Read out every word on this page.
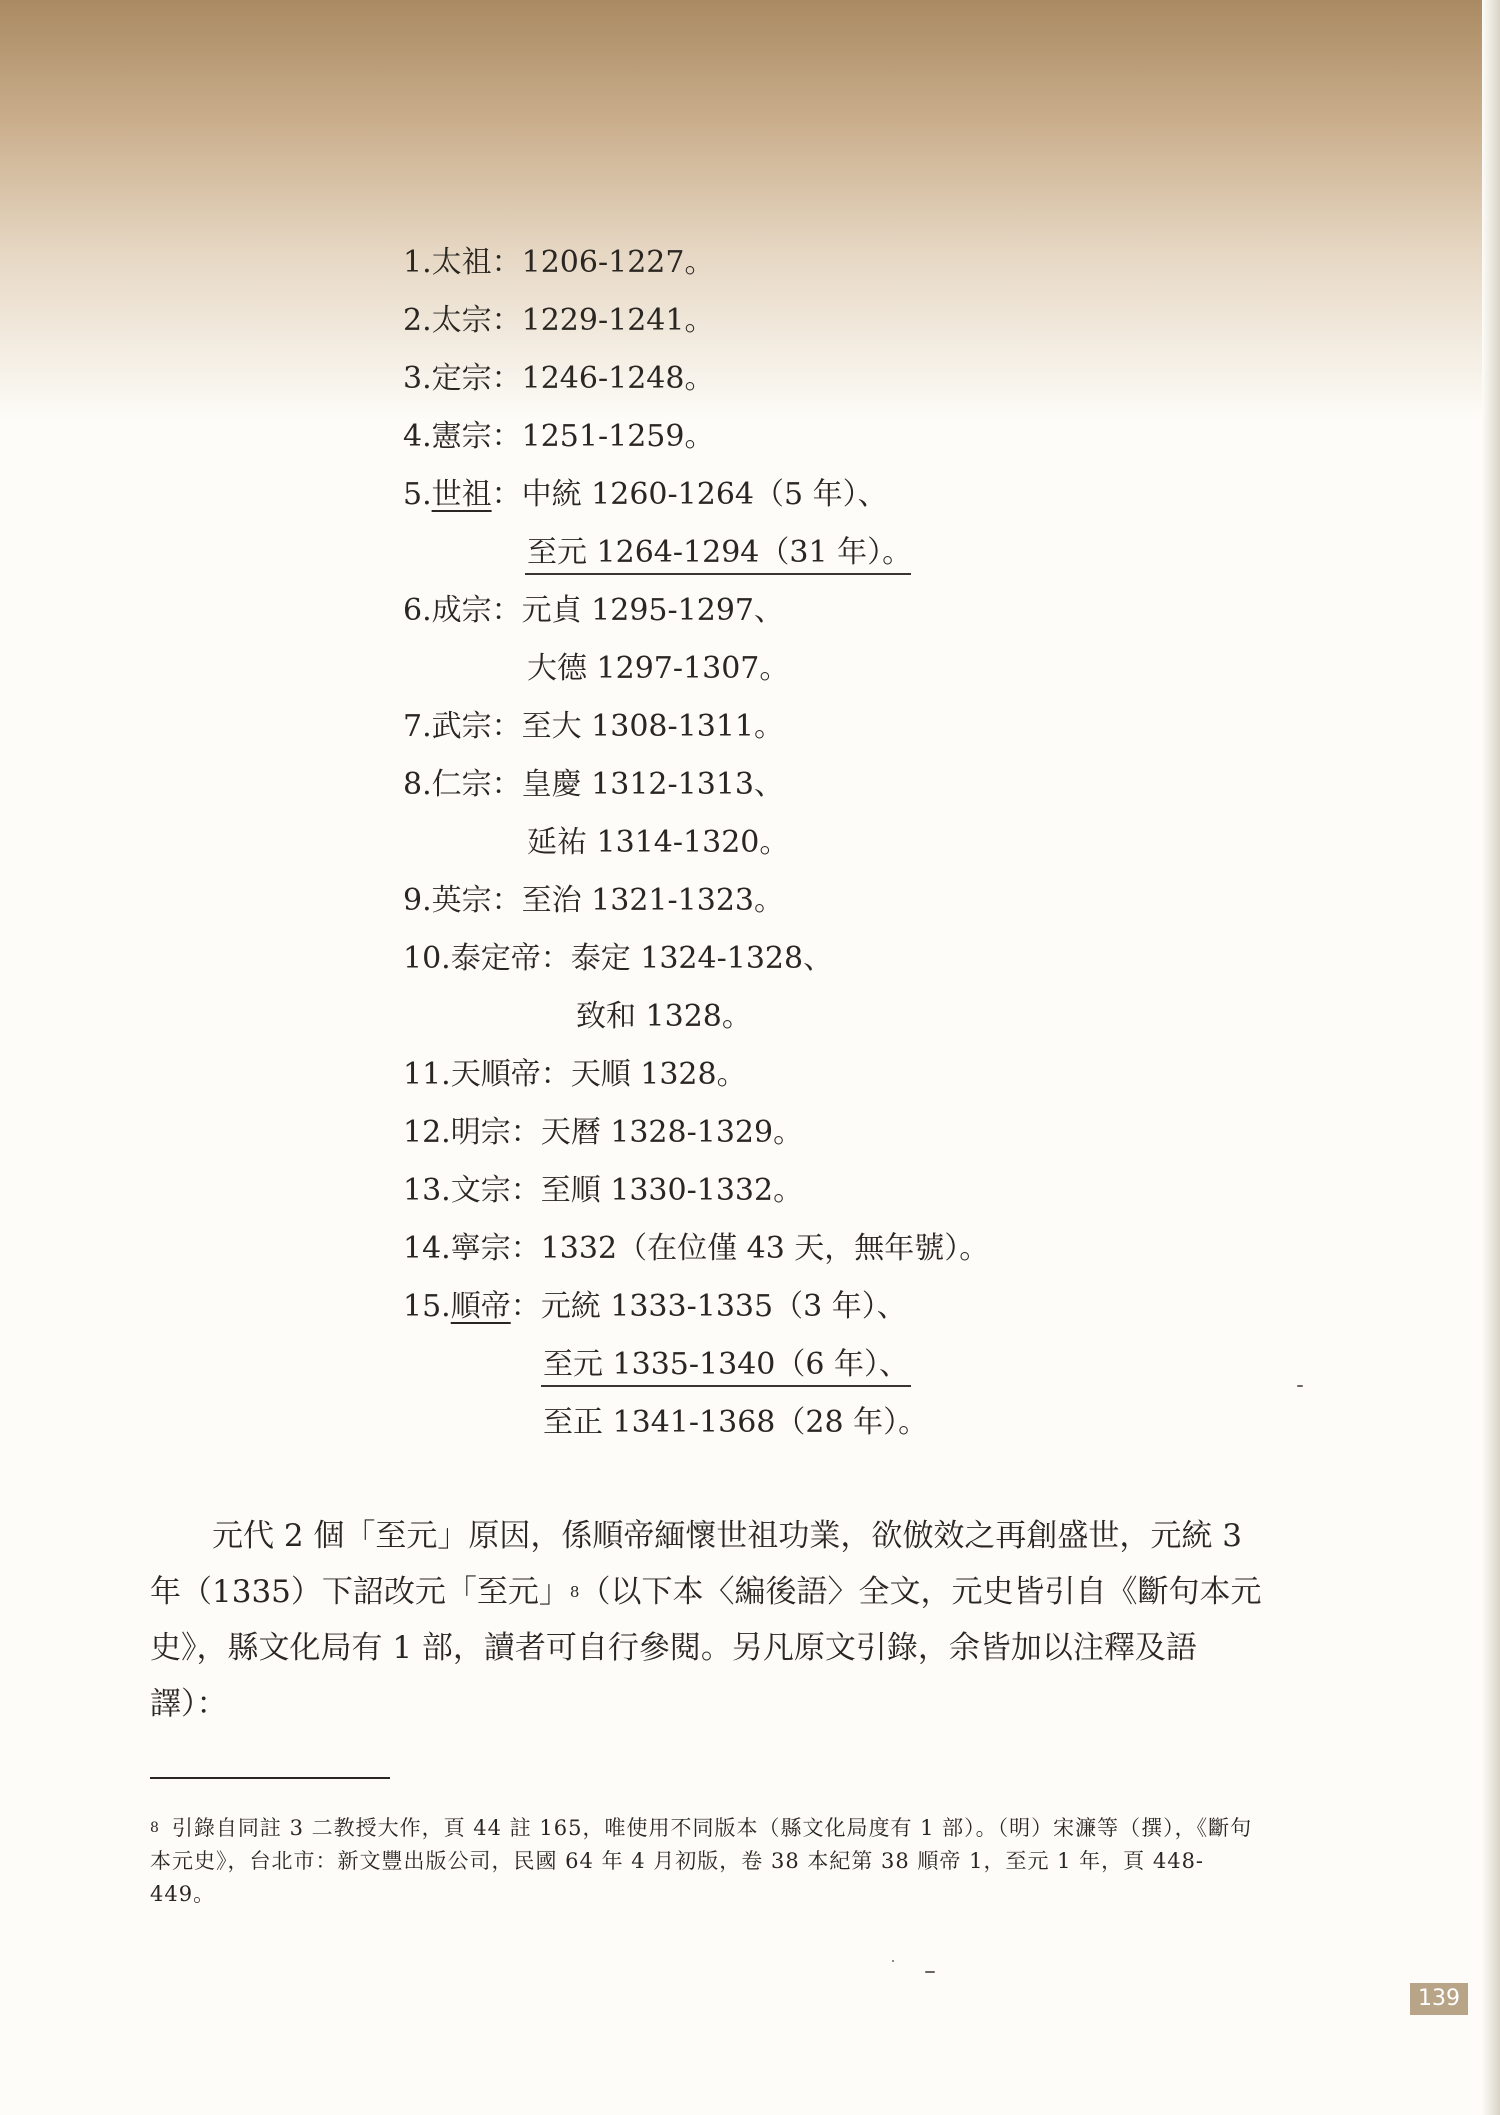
1.太祖：1206-1227。
2.太宗：1229-1241。
3.定宗：1246-1248。
4.憲宗：1251-1259。
5.世祖：中統 1260-1264（5 年）、
至元 1264-1294（31 年）。
6.成宗：元貞 1295-1297、
大德 1297-1307。
7.武宗：至大 1308-1311。
8.仁宗：皇慶 1312-1313、
延祐 1314-1320。
9.英宗：至治 1321-1323。
10.泰定帝：泰定 1324-1328、
致和 1328。
11.天順帝：天順 1328。
12.明宗：天曆 1328-1329。
13.文宗：至順 1330-1332。
14.寧宗：1332（在位僅 43 天，無年號）。
15.順帝：元統 1333-1335（3 年）、
至元 1335-1340（6 年）、
至正 1341-1368（28 年）。

元代 2 個「至元」原因，係順帝緬懷世祖功業，欲倣效之再創盛世，元統 3 年（1335）下詔改元「至元」$^8$（以下本〈編後語〉全文，元史皆引自《斷句本元史》，縣文化局有 1 部，讀者可自行參閱。另凡原文引錄，余皆加以注釋及語譯）：

$^8$ 引錄自同註 3 二教授大作，頁 44 註 165，唯使用不同版本（縣文化局度有 1 部）。（明）宋濂等（撰），《斷句本元史》，台北市：新文豐出版公司，民國 64 年 4 月初版，卷 38 本紀第 38 順帝 1，至元 1 年，頁 448-449。

139
